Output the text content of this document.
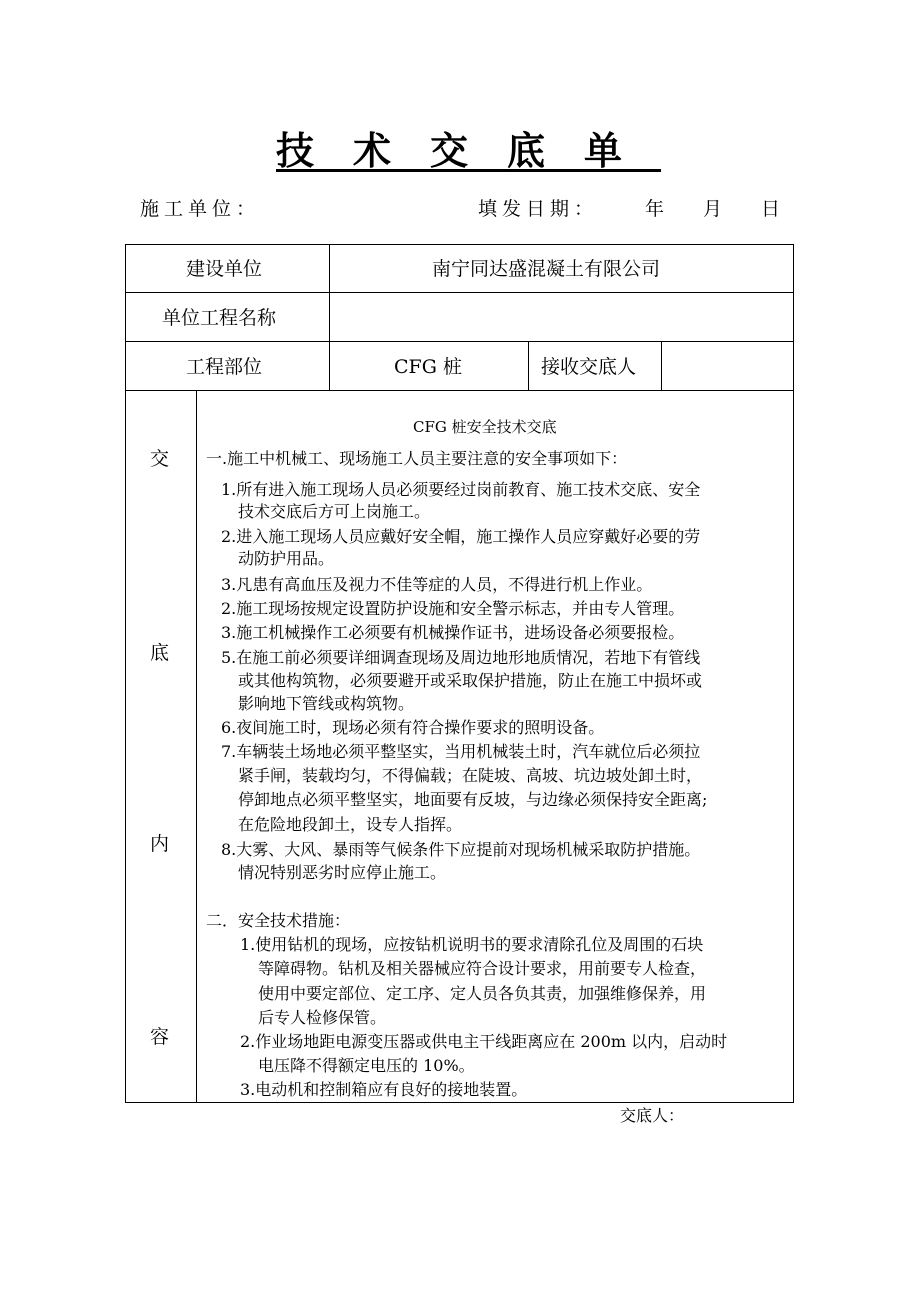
技术交底单
施工单位：	填发日期： 年 月 日
建设单位	南宁同达盛混凝土有限公司
单位工程名称
工程部位	CFG 桩	接收交底人
交
底
内
容
CFG 桩安全技术交底
一.施工中机械工、现场施工人员主要注意的安全事项如下：
1.所有进入施工现场人员必须要经过岗前教育、施工技术交底、安全
技术交底后方可上岗施工。
2.进入施工现场人员应戴好安全帽，施工操作人员应穿戴好必要的劳
动防护用品。
3.凡患有高血压及视力不佳等症的人员，不得进行机上作业。
2.施工现场按规定设置防护设施和安全警示标志，并由专人管理。
3.施工机械操作工必须要有机械操作证书，进场设备必须要报检。
5.在施工前必须要详细调查现场及周边地形地质情况，若地下有管线
或其他构筑物，必须要避开或采取保护措施，防止在施工中损坏或
影响地下管线或构筑物。
6.夜间施工时，现场必须有符合操作要求的照明设备。
7.车辆装土场地必须平整坚实，当用机械装土时，汽车就位后必须拉
紧手闸，装载均匀，不得偏载；在陡坡、高坡、坑边坡处卸土时，
停卸地点必须平整坚实，地面要有反坡，与边缘必须保持安全距离;
在危险地段卸土，设专人指挥。
8.大雾、大风、暴雨等气候条件下应提前对现场机械采取防护措施。
情况特别恶劣时应停止施工。
二．安全技术措施：
1.使用钻机的现场，应按钻机说明书的要求清除孔位及周围的石块
等障碍物。钻机及相关器械应符合设计要求，用前要专人检查，
使用中要定部位、定工序、定人员各负其责，加强维修保养，用
后专人检修保管。
2.作业场地距电源变压器或供电主干线距离应在 200m 以内，启动时
电压降不得额定电压的 10%。
3.电动机和控制箱应有良好的接地装置。
交底人：
